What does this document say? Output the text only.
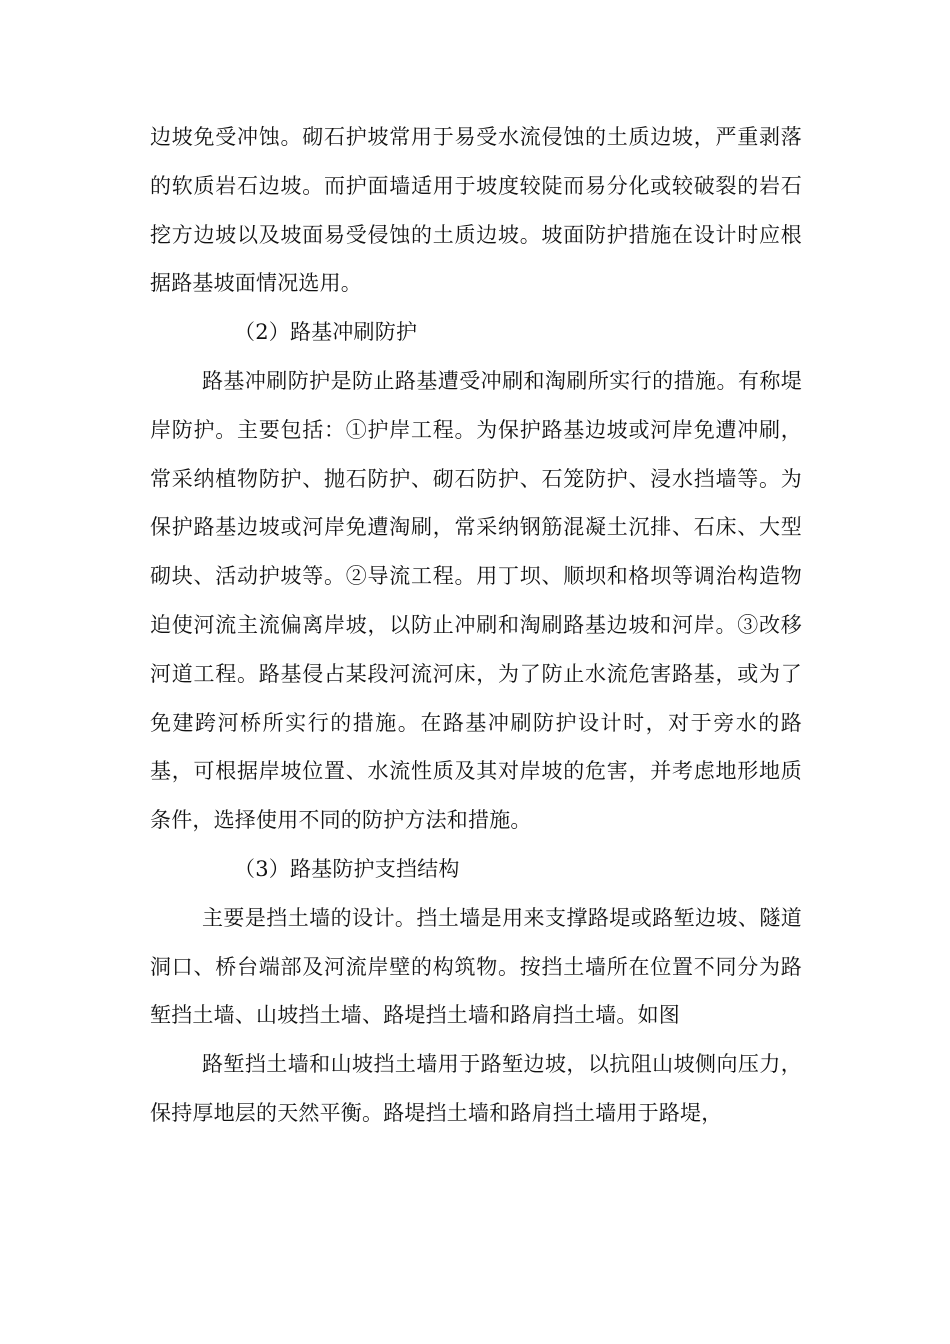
边坡免受冲蚀。砌石护坡常用于易受水流侵蚀的土质边坡，严重剥落的软质岩石边坡。而护面墙适用于坡度较陡而易分化或较破裂的岩石挖方边坡以及坡面易受侵蚀的土质边坡。坡面防护措施在设计时应根据路基坡面情况选用。

（2）路基冲刷防护

路基冲刷防护是防止路基遭受冲刷和淘刷所实行的措施。有称堤岸防护。主要包括：①护岸工程。为保护路基边坡或河岸免遭冲刷，常采纳植物防护、抛石防护、砌石防护、石笼防护、浸水挡墙等。为保护路基边坡或河岸免遭淘刷，常采纳钢筋混凝土沉排、石床、大型砌块、活动护坡等。②导流工程。用丁坝、顺坝和格坝等调治构造物迫使河流主流偏离岸坡，以防止冲刷和淘刷路基边坡和河岸。③改移河道工程。路基侵占某段河流河床，为了防止水流危害路基，或为了免建跨河桥所实行的措施。在路基冲刷防护设计时，对于旁水的路基，可根据岸坡位置、水流性质及其对岸坡的危害，并考虑地形地质条件，选择使用不同的防护方法和措施。

（3）路基防护支挡结构

主要是挡土墙的设计。挡土墙是用来支撑路堤或路堑边坡、隧道洞口、桥台端部及河流岸壁的构筑物。按挡土墙所在位置不同分为路堑挡土墙、山坡挡土墙、路堤挡土墙和路肩挡土墙。如图

路堑挡土墙和山坡挡土墙用于路堑边坡，以抗阻山坡侧向压力，保持厚地层的天然平衡。路堤挡土墙和路肩挡土墙用于路堤，
